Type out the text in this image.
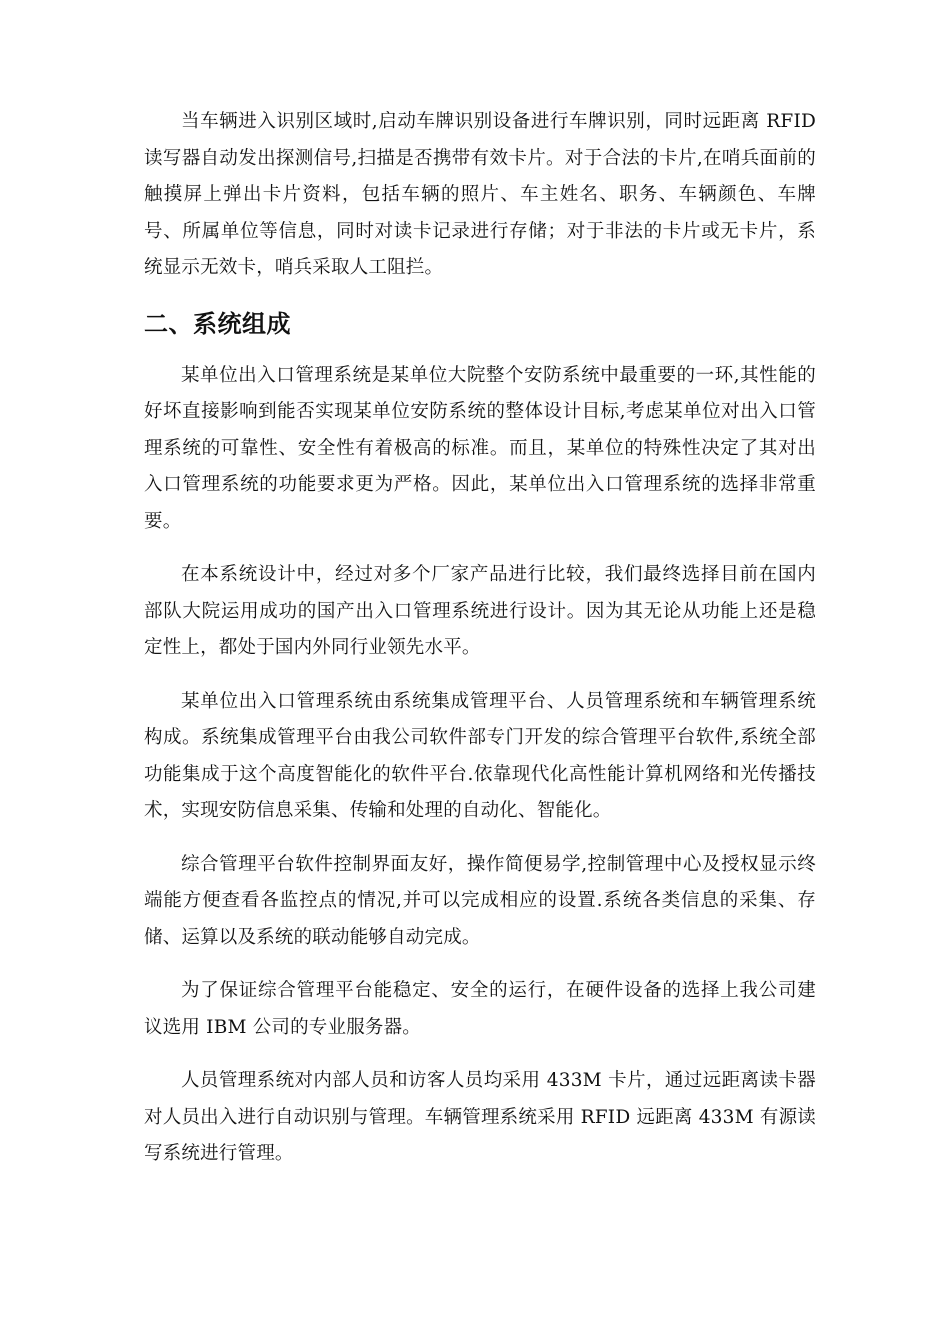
当车辆进入识别区域时,启动车牌识别设备进行车牌识别，同时远距离 RFID 读写器自动发出探测信号,扫描是否携带有效卡片。对于合法的卡片,在哨兵面前的触摸屏上弹出卡片资料，包括车辆的照片、车主姓名、职务、车辆颜色、车牌号、所属单位等信息，同时对读卡记录进行存储；对于非法的卡片或无卡片，系统显示无效卡，哨兵采取人工阻拦。

二、系统组成

某单位出入口管理系统是某单位大院整个安防系统中最重要的一环,其性能的好坏直接影响到能否实现某单位安防系统的整体设计目标,考虑某单位对出入口管理系统的可靠性、安全性有着极高的标准。而且，某单位的特殊性决定了其对出入口管理系统的功能要求更为严格。因此，某单位出入口管理系统的选择非常重要。

在本系统设计中，经过对多个厂家产品进行比较，我们最终选择目前在国内部队大院运用成功的国产出入口管理系统进行设计。因为其无论从功能上还是稳定性上，都处于国内外同行业领先水平。

某单位出入口管理系统由系统集成管理平台、人员管理系统和车辆管理系统构成。系统集成管理平台由我公司软件部专门开发的综合管理平台软件,系统全部功能集成于这个高度智能化的软件平台.依靠现代化高性能计算机网络和光传播技术，实现安防信息采集、传输和处理的自动化、智能化。

综合管理平台软件控制界面友好，操作简便易学,控制管理中心及授权显示终端能方便查看各监控点的情况,并可以完成相应的设置.系统各类信息的采集、存储、运算以及系统的联动能够自动完成。

为了保证综合管理平台能稳定、安全的运行，在硬件设备的选择上我公司建议选用 IBM 公司的专业服务器。

人员管理系统对内部人员和访客人员均采用 433M 卡片，通过远距离读卡器对人员出入进行自动识别与管理。车辆管理系统采用 RFID 远距离 433M 有源读写系统进行管理。
